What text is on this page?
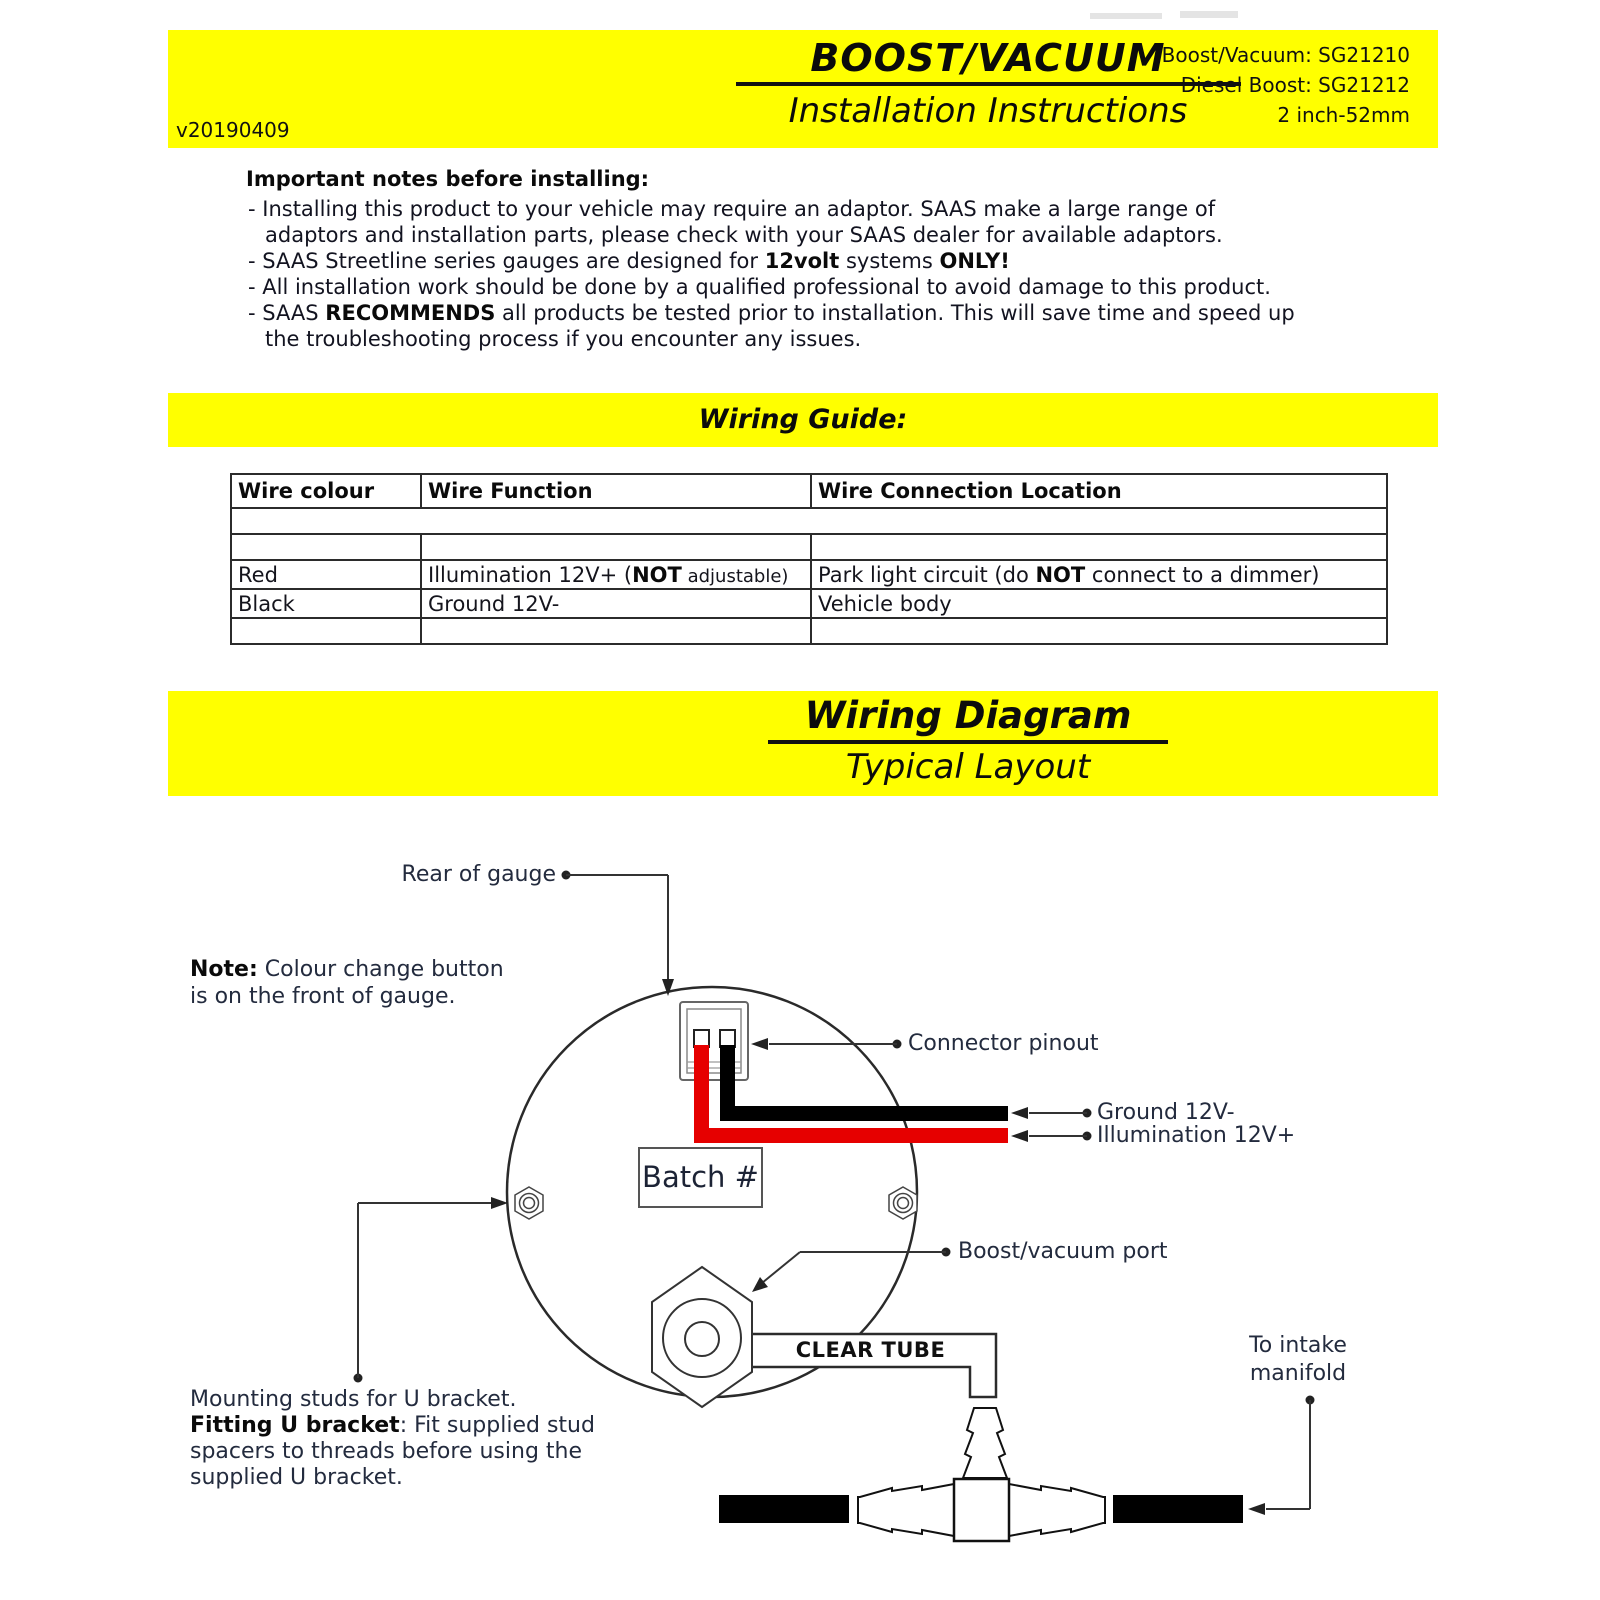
v20190409
BOOST/VACUUM
Installation Instructions
Boost/Vacuum: SG21210
Diesel Boost: SG21212
2 inch-52mm
Important notes before installing:
- Installing this product to your vehicle may require an adaptor. SAAS make a large range of
adaptors and installation parts, please check with your SAAS dealer for available adaptors.
- SAAS Streetline series gauges are designed for 12volt systems ONLY!
- All installation work should be done by a qualified professional to avoid damage to this product.
- SAAS RECOMMENDS all products be tested prior to installation. This will save time and speed up
the troubleshooting process if you encounter any issues.
Wiring Guide:
Wire colour	Wire Function	Wire Connection Location

Red	Illumination 12V+ (NOT adjustable)	Park light circuit (do NOT connect to a dimmer)
Black	Ground 12V-	Vehicle body

Wiring Diagram
Typical Layout
Rear of gauge
Note: Colour change button
is on the front of gauge.
Connector pinout
Ground 12V-
Illumination 12V+
Batch #
Boost/vacuum port
CLEAR TUBE	To intake
manifold
Mounting studs for U bracket.
Fitting U bracket: Fit supplied stud
spacers to threads before using the
supplied U bracket.
